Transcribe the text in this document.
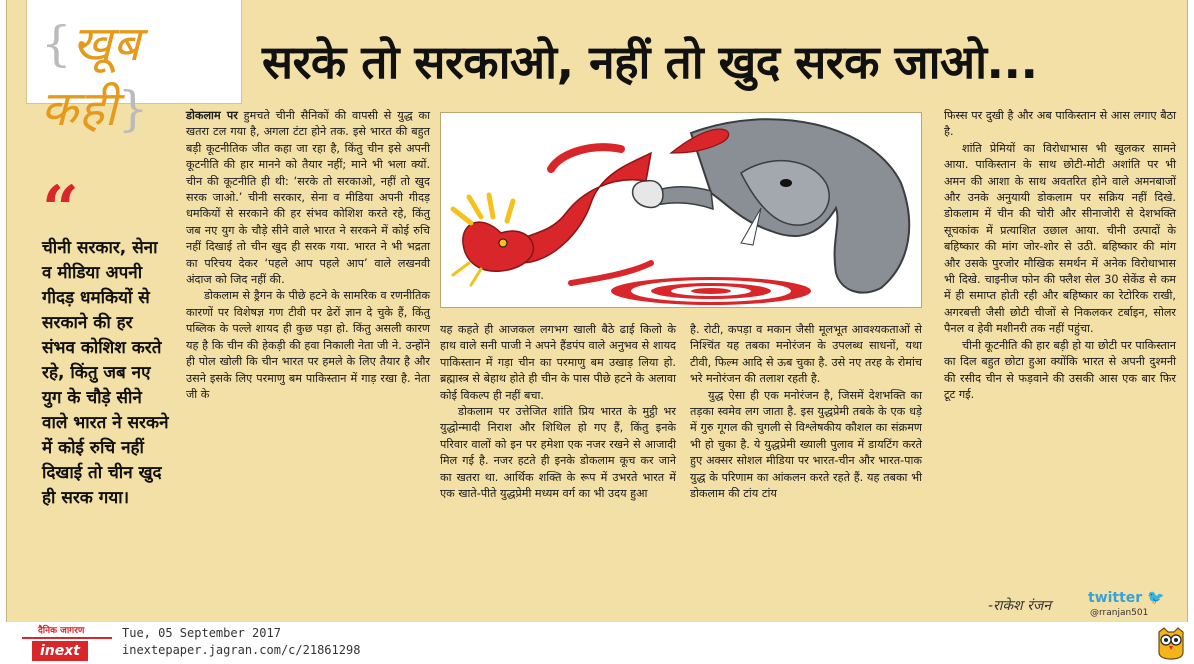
{खूब कही}
सरके तो सरकाओ, नहीं तो खुद सरक जाओ...
“
चीनी सरकार, सेना व मीडिया अपनी गीदड़ धमकियों से सरकाने की हर संभव कोशिश करते रहे, किंतु जब नए युग के चौड़े सीने वाले भारत ने सरकने में कोई रुचि नहीं दिखाई तो चीन खुद ही सरक गया।

डोकलाम पर हुमचते चीनी सैनिकों की वापसी से युद्ध का खतरा टल गया है, अगला टंटा होने तक. इसे भारत की बहुत बड़ी कूटनीतिक जीत कहा जा रहा है, किंतु चीन इसे अपनी कूटनीति की हार मानने को तैयार नहीं; माने भी भला क्यों. चीन की कूटनीति ही थी: ‘सरके तो सरकाओ, नहीं तो खुद सरक जाओ.’ चीनी सरकार, सेना व मीडिया अपनी गीदड़ धमकियों से सरकाने की हर संभव कोशिश करते रहे, किंतु जब नए युग के चौड़े सीने वाले भारत ने सरकने में कोई रुचि नहीं दिखाई तो चीन खुद ही सरक गया. भारत ने भी भद्रता का परिचय देकर ‘पहले आप पहले आप’ वाले लखनवी अंदाज को जिद नहीं की.

डोकलाम से ड्रैगन के पीछे हटने के सामरिक व रणनीतिक कारणों पर विशेषज्ञ गण टीवी पर ढेरों ज्ञान दे चुके हैं, किंतु पब्लिक के पल्ले शायद ही कुछ पड़ा हो. किंतु असली कारण यह है कि चीन की हेकड़ी की हवा निकाली नेता जी ने. उन्होंने ही पोल खोली कि चीन भारत पर हमले के लिए तैयार है और उसने इसके लिए परमाणु बम पाकिस्तान में गाड़ रखा है. नेता जी के

यह कहते ही आजकल लगभग खाली बैठे ढाई किलो के हाथ वाले सनी पाजी ने अपने हैंडपंप वाले अनुभव से शायद पाकिस्तान में गड़ा चीन का परमाणु बम उखाड़ लिया हो. ब्रह्मास्त्र से बेहाथ होते ही चीन के पास पीछे हटने के अलावा कोई विकल्प ही नहीं बचा.

डोकलाम पर उत्तेजित शांति प्रिय भारत के मुट्ठी भर युद्धोन्मादी निराश और शिथिल हो गए हैं, किंतु इनके परिवार वालों को इन पर हमेशा एक नजर रखने से आजादी मिल गई है. नजर हटते ही इनके डोकलाम कूच कर जाने का खतरा था. आर्थिक शक्ति के रूप में उभरते भारत में एक खाते-पीते युद्धप्रेमी मध्यम वर्ग का भी उदय हुआ

है. रोटी, कपड़ा व मकान जैसी मूलभूत आवश्यकताओं से निश्चिंत यह तबका मनोरंजन के उपलब्ध साधनों, यथा टीवी, फिल्म आदि से ऊब चुका है. उसे नए तरह के रोमांच भरे मनोरंजन की तलाश रहती है.

युद्ध ऐसा ही एक मनोरंजन है, जिसमें देशभक्ति का तड़का स्वमेव लग जाता है. इस युद्धप्रेमी तबके के एक धड़े में गुरु गूगल की चुगली से विश्लेषकीय कौशल का संक्रमण भी हो चुका है. ये युद्धप्रेमी ख्याली पुलाव में डायटिंग करते हुए अक्सर सोशल मीडिया पर भारत-चीन और भारत-पाक युद्ध के परिणाम का आंकलन करते रहते हैं. यह तबका भी डोकलाम की टांय टांय

फिस्स पर दुखी है और अब पाकिस्तान से आस लगाए बैठा है.

शांति प्रेमियों का विरोधाभास भी खुलकर सामने आया. पाकिस्तान के साथ छोटी-मोटी अशांति पर भी अमन की आशा के साथ अवतरित होने वाले अमनबाजों और उनके अनुयायी डोकलाम पर सक्रिय नहीं दिखे. डोकलाम में चीन की चोरी और सीनाजोरी से देशभक्ति सूचकांक में प्रत्याशित उछाल आया. चीनी उत्पादों के बहिष्कार की मांग जोर-शोर से उठी. बहिष्कार की मांग और उसके पुरजोर मौखिक समर्थन में अनेक विरोधाभास भी दिखे. चाइनीज फोन की फ्लैश सेल 30 सेकेंड से कम में ही समाप्त होती रही और बहिष्कार का रेटोरिक राखी, अगरबत्ती जैसी छोटी चीजों से निकलकर टर्बाइन, सोलर पैनल व हेवी मशीनरी तक नहीं पहुंचा.

चीनी कूटनीति की हार बड़ी हो या छोटी पर पाकिस्तान का दिल बहुत छोटा हुआ क्योंकि भारत से अपनी दुश्मनी की रसीद चीन से फड़वाने की उसकी आस एक बार फिर टूट गई.

-राकेश रंजन	twitter 🐦
@rranjan501
दैनिक जागरण
inext
Tue, 05 September 2017
inextepaper.jagran.com/c/21861298
